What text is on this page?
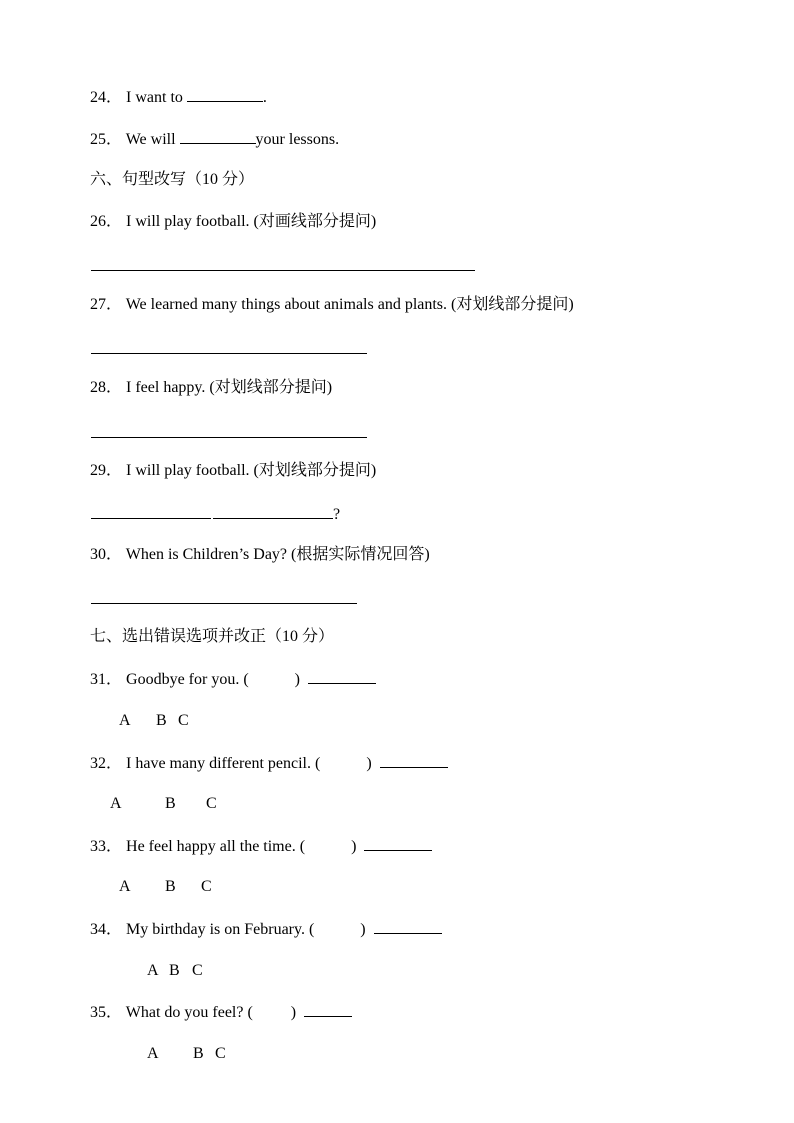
24． I want to	.
25． We will	your lessons.
六、句型改写（10 分）
26． I will play football. (对画线部分提问)
27． We learned many things about animals and plants. (对划线部分提问)
28． I feel happy. (对划线部分提问)
29． I will play football. (对划线部分提问)
?
30． When is Children’s Day? (根据实际情况回答)
七、选出错误选项并改正（10 分）
31． Goodbye for you. (	)
A B C
32． I have many different pencil. (	)
A	B C
33． He feel happy all the time. (	)
A B C
34． My birthday is on February. (	)
A B C
35． What do you feel? ( )
A B C
